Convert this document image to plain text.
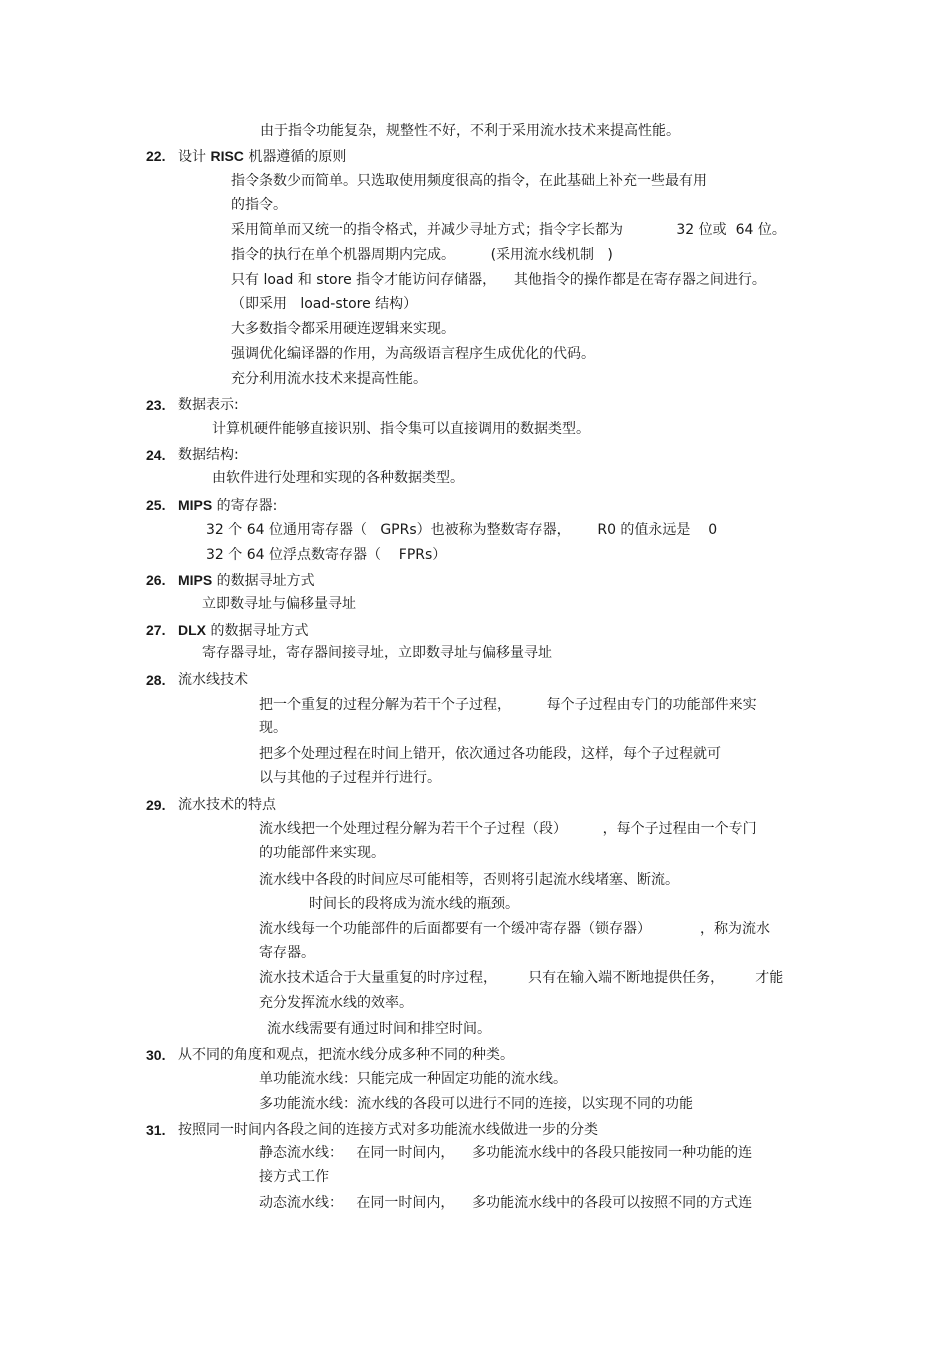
由于指令功能复杂，规整性不好，不利于采用流水技术来提高性能。
22. 设计 RISC 机器遵循的原则
指令条数少而简单。只选取使用频度很高的指令，在此基础上补充一些最有用
的指令。
采用简单而又统一的指令格式，并减少寻址方式；指令字长都为            32 位或  64 位。
指令的执行在单个机器周期内完成。        (采用流水线机制   )
只有 load 和 store 指令才能访问存储器，    其他指令的操作都是在寄存器之间进行。
（即采用   load-store 结构）
大多数指令都采用硬连逻辑来实现。
强调优化编译器的作用，为高级语言程序生成优化的代码。
充分利用流水技术来提高性能。
23. 数据表示:
计算机硬件能够直接识别、指令集可以直接调用的数据类型。
24. 数据结构:
由软件进行处理和实现的各种数据类型。
25. MIPS 的寄存器:
32 个 64 位通用寄存器（   GPRs）也被称为整数寄存器，      R0 的值永远是    0
32 个 64 位浮点数寄存器（    FPRs）
26. MIPS 的数据寻址方式
立即数寻址与偏移量寻址
27. DLX 的数据寻址方式
寄存器寻址，寄存器间接寻址，立即数寻址与偏移量寻址
28. 流水线技术
把一个重复的过程分解为若干个子过程，        每个子过程由专门的功能部件来实
现。
把多个处理过程在时间上错开，依次通过各功能段，这样，每个子过程就可
以与其他的子过程并行进行。
29. 流水技术的特点
流水线把一个处理过程分解为若干个子过程（段）        ，每个子过程由一个专门
的功能部件来实现。
流水线中各段的时间应尽可能相等，否则将引起流水线堵塞、断流。
时间长的段将成为流水线的瓶颈。
流水线每一个功能部件的后面都要有一个缓冲寄存器（锁存器）           ，称为流水
寄存器。
流水技术适合于大量重复的时序过程，       只有在输入端不断地提供任务，       才能
充分发挥流水线的效率。
流水线需要有通过时间和排空时间。
30. 从不同的角度和观点，把流水线分成多种不同的种类。
单功能流水线：只能完成一种固定功能的流水线。
多功能流水线：流水线的各段可以进行不同的连接，以实现不同的功能
31. 按照同一时间内各段之间的连接方式对多功能流水线做进一步的分类
静态流水线：   在同一时间内，    多功能流水线中的各段只能按同一种功能的连
接方式工作
动态流水线：   在同一时间内，    多功能流水线中的各段可以按照不同的方式连
